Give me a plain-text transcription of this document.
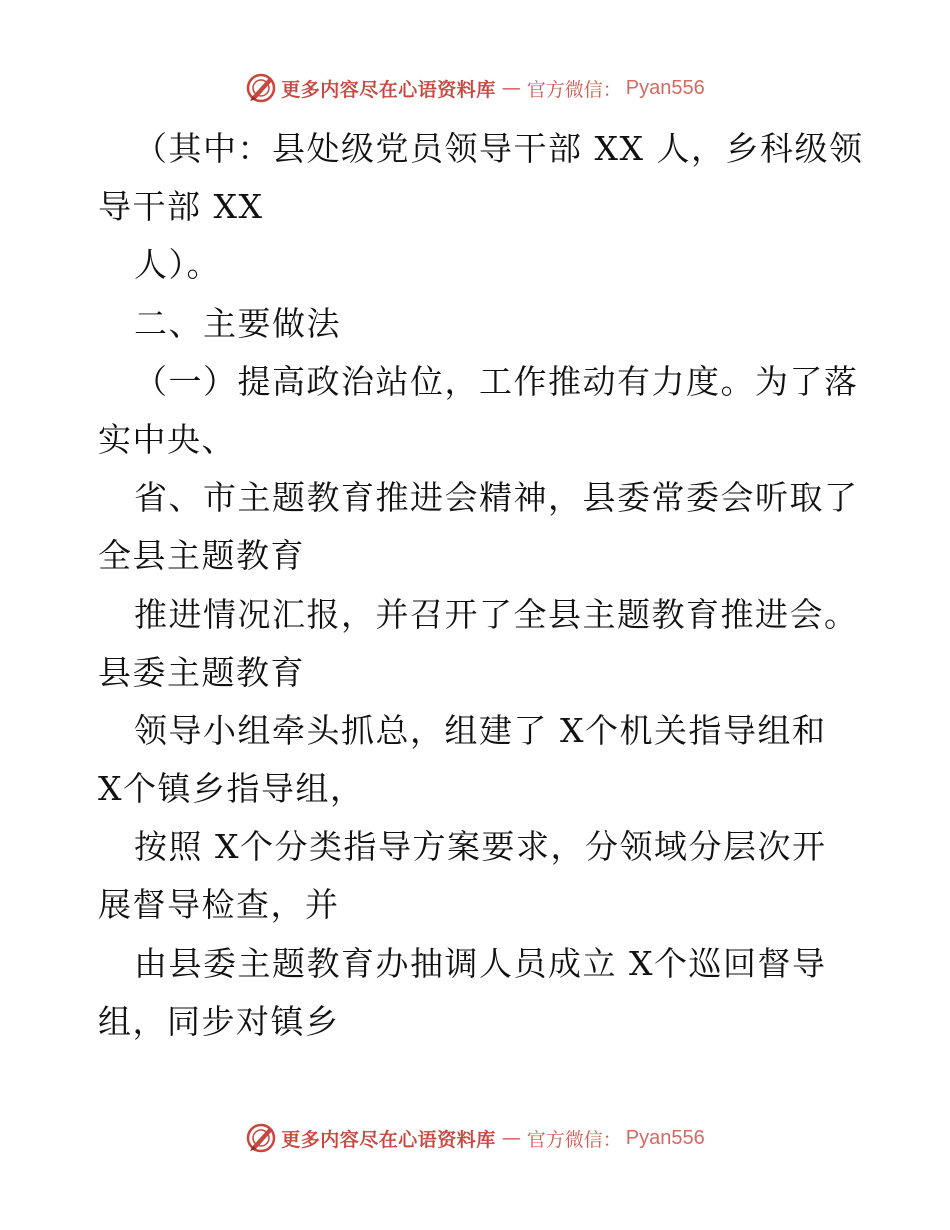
更多内容尽在心语资料库 — 官方微信： Pyan556
（其中：县处级党员领导干部 XX 人，乡科级领
导干部 XX
人）。
二、主要做法
（一）提高政治站位，工作推动有力度。为了落
实中央、
省、市主题教育推进会精神，县委常委会听取了
全县主题教育
推进情况汇报，并召开了全县主题教育推进会。
县委主题教育
领导小组牵头抓总，组建了 X个机关指导组和
X个镇乡指导组，
按照 X个分类指导方案要求，分领域分层次开
展督导检查，并
由县委主题教育办抽调人员成立 X个巡回督导
组，同步对镇乡
更多内容尽在心语资料库 — 官方微信： Pyan556
